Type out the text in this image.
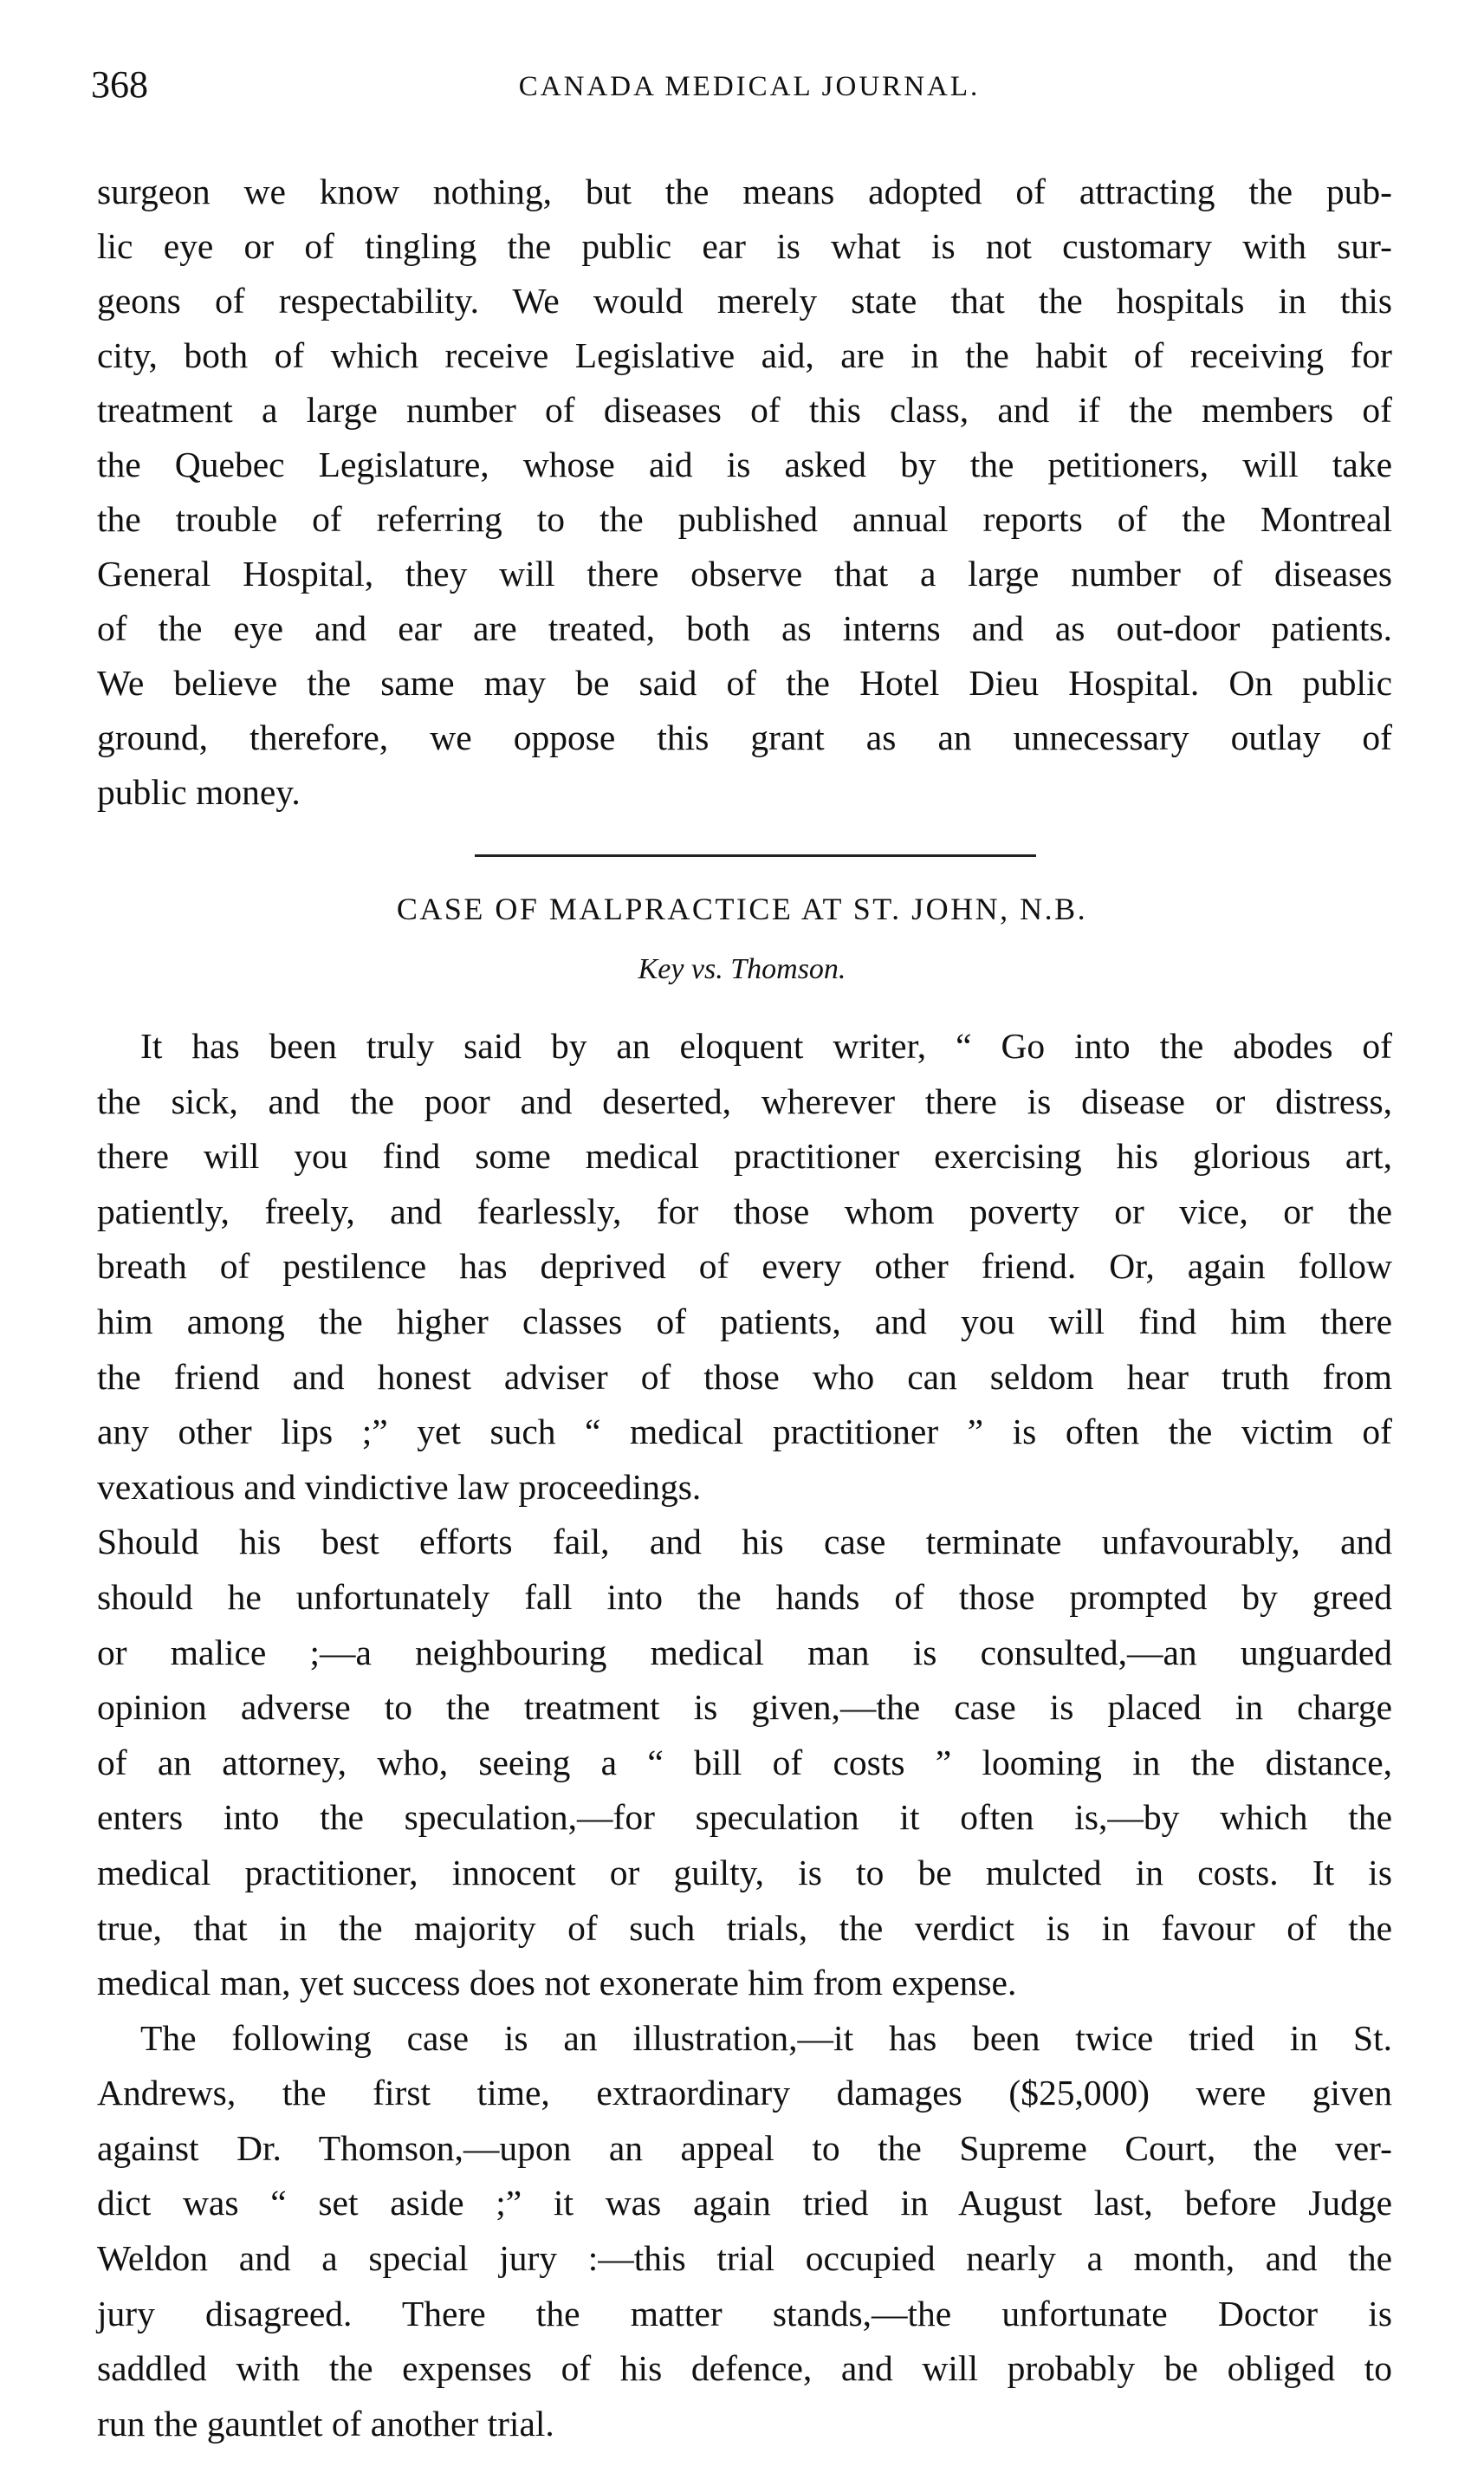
368	CANADA MEDICAL JOURNAL.
surgeon we know nothing, but the means adopted of attracting the pub-
lic eye or of tingling the public ear is what is not customary with sur-
geons of respectability. We would merely state that the hospitals in this
city, both of which receive Legislative aid, are in the habit of receiving for
treatment a large number of diseases of this class, and if the members of
the Quebec Legislature, whose aid is asked by the petitioners, will take
the trouble of referring to the published annual reports of the Montreal
General Hospital, they will there observe that a large number of diseases
of the eye and ear are treated, both as interns and as out-door patients.
We believe the same may be said of the Hotel Dieu Hospital. On public
ground, therefore, we oppose this grant as an unnecessary outlay of
public money.
CASE OF MALPRACTICE AT ST. JOHN, N.B.
Key vs. Thomson.
It has been truly said by an eloquent writer, “ Go into the abodes of
the sick, and the poor and deserted, wherever there is disease or distress,
there will you find some medical practitioner exercising his glorious art,
patiently, freely, and fearlessly, for those whom poverty or vice, or the
breath of pestilence has deprived of every other friend. Or, again follow
him among the higher classes of patients, and you will find him there
the friend and honest adviser of those who can seldom hear truth from
any other lips ;” yet such “ medical practitioner ” is often the victim of
vexatious and vindictive law proceedings.
Should his best efforts fail, and his case terminate unfavourably, and
should he unfortunately fall into the hands of those prompted by greed
or malice ;—a neighbouring medical man is consulted,—an unguarded
opinion adverse to the treatment is given,—the case is placed in charge
of an attorney, who, seeing a “ bill of costs ” looming in the distance,
enters into the speculation,—for speculation it often is,—by which the
medical practitioner, innocent or guilty, is to be mulcted in costs. It is
true, that in the majority of such trials, the verdict is in favour of the
medical man, yet success does not exonerate him from expense.
The following case is an illustration,—it has been twice tried in St.
Andrews, the first time, extraordinary damages ($25,000) were given
against Dr. Thomson,—upon an appeal to the Supreme Court, the ver-
dict was “ set aside ;” it was again tried in August last, before Judge
Weldon and a special jury :—this trial occupied nearly a month, and the
jury disagreed. There the matter stands,—the unfortunate Doctor is
saddled with the expenses of his defence, and will probably be obliged to
run the gauntlet of another trial.
